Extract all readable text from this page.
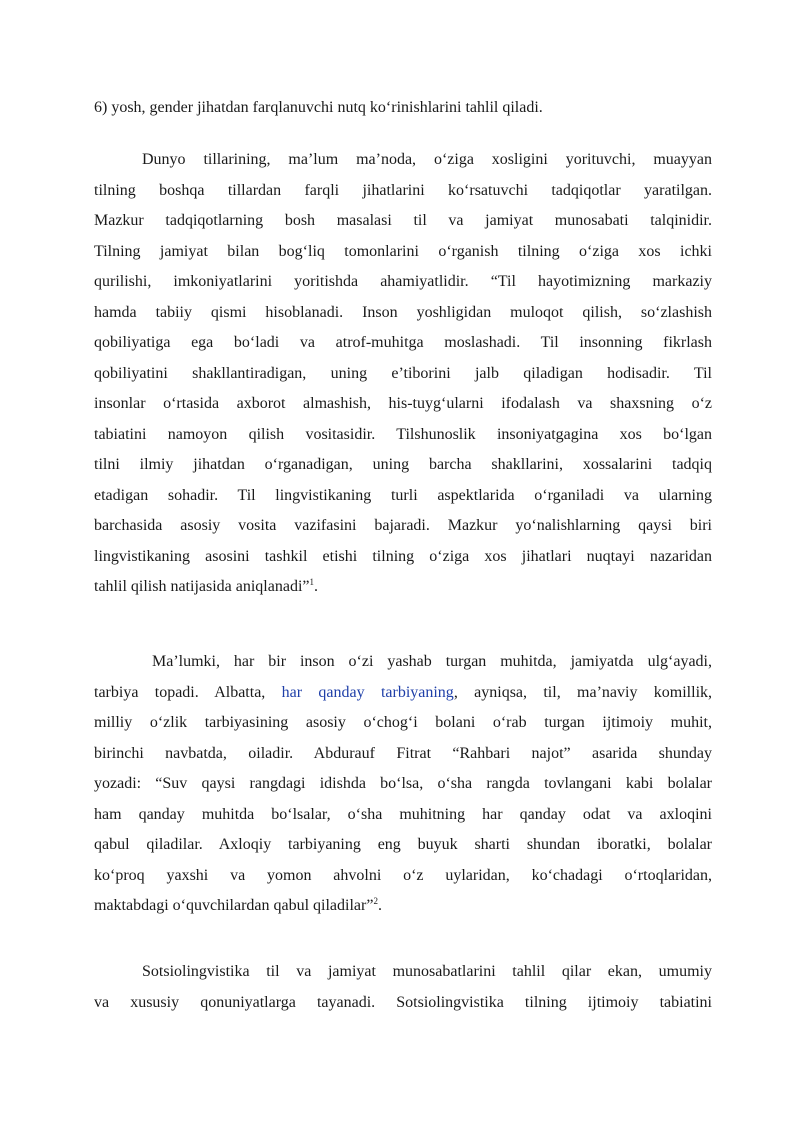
6) yosh, gender jihatdan farqlanuvchi nutq ko‘rinishlarini tahlil qiladi.

Dunyo tillarining, ma’lum ma’noda, o‘ziga xosligini yorituvchi, muayyan
tilning boshqa tillardan farqli jihatlarini ko‘rsatuvchi tadqiqotlar yaratilgan.
Mazkur tadqiqotlarning bosh masalasi til va jamiyat munosabati talqinidir.
Tilning jamiyat bilan bog‘liq tomonlarini o‘rganish tilning o‘ziga xos ichki
qurilishi, imkoniyatlarini yoritishda ahamiyatlidir. “Til hayotimizning markaziy
hamda tabiiy qismi hisoblanadi. Inson yoshligidan muloqot qilish, so‘zlashish
qobiliyatiga ega bo‘ladi va atrof-muhitga moslashadi. Til insonning fikrlash
qobiliyatini shakllantiradigan, uning e’tiborini jalb qiladigan hodisadir. Til
insonlar o‘rtasida axborot almashish, his-tuyg‘ularni ifodalash va shaxsning o‘z
tabiatini namoyon qilish vositasidir. Tilshunoslik insoniyatgagina xos bo‘lgan
tilni ilmiy jihatdan o‘rganadigan, uning barcha shakllarini, xossalarini tadqiq
etadigan sohadir. Til lingvistikaning turli aspektlarida o‘rganiladi va ularning
barchasida asosiy vosita vazifasini bajaradi. Mazkur yo‘nalishlarning qaysi biri
lingvistikaning asosini tashkil etishi tilning o‘ziga xos jihatlari nuqtayi nazaridan
tahlil qilish natijasida aniqlanadi”$^1$.

Ma’lumki, har bir inson o‘zi yashab turgan muhitda, jamiyatda ulg‘ayadi,
tarbiya topadi. Albatta, har qanday tarbiyaning, ayniqsa, til, ma’naviy komillik,
milliy o‘zlik tarbiyasining asosiy o‘chog‘i bolani o‘rab turgan ijtimoiy muhit,
birinchi navbatda, oiladir. Abdurauf Fitrat “Rahbari najot” asarida shunday
yozadi: “Suv qaysi rangdagi idishda bo‘lsa, o‘sha rangda tovlangani kabi bolalar
ham qanday muhitda bo‘lsalar, o‘sha muhitning har qanday odat va axloqini
qabul qiladilar. Axloqiy tarbiyaning eng buyuk sharti shundan iboratki, bolalar
ko‘proq yaxshi va yomon ahvolni o‘z uylaridan, ko‘chadagi o‘rtoqlaridan,
maktabdagi o‘quvchilardan qabul qiladilar”$^2$.

Sotsiolingvistika til va jamiyat munosabatlarini tahlil qilar ekan, umumiy
va xususiy qonuniyatlarga tayanadi. Sotsiolingvistika tilning ijtimoiy tabiatini
